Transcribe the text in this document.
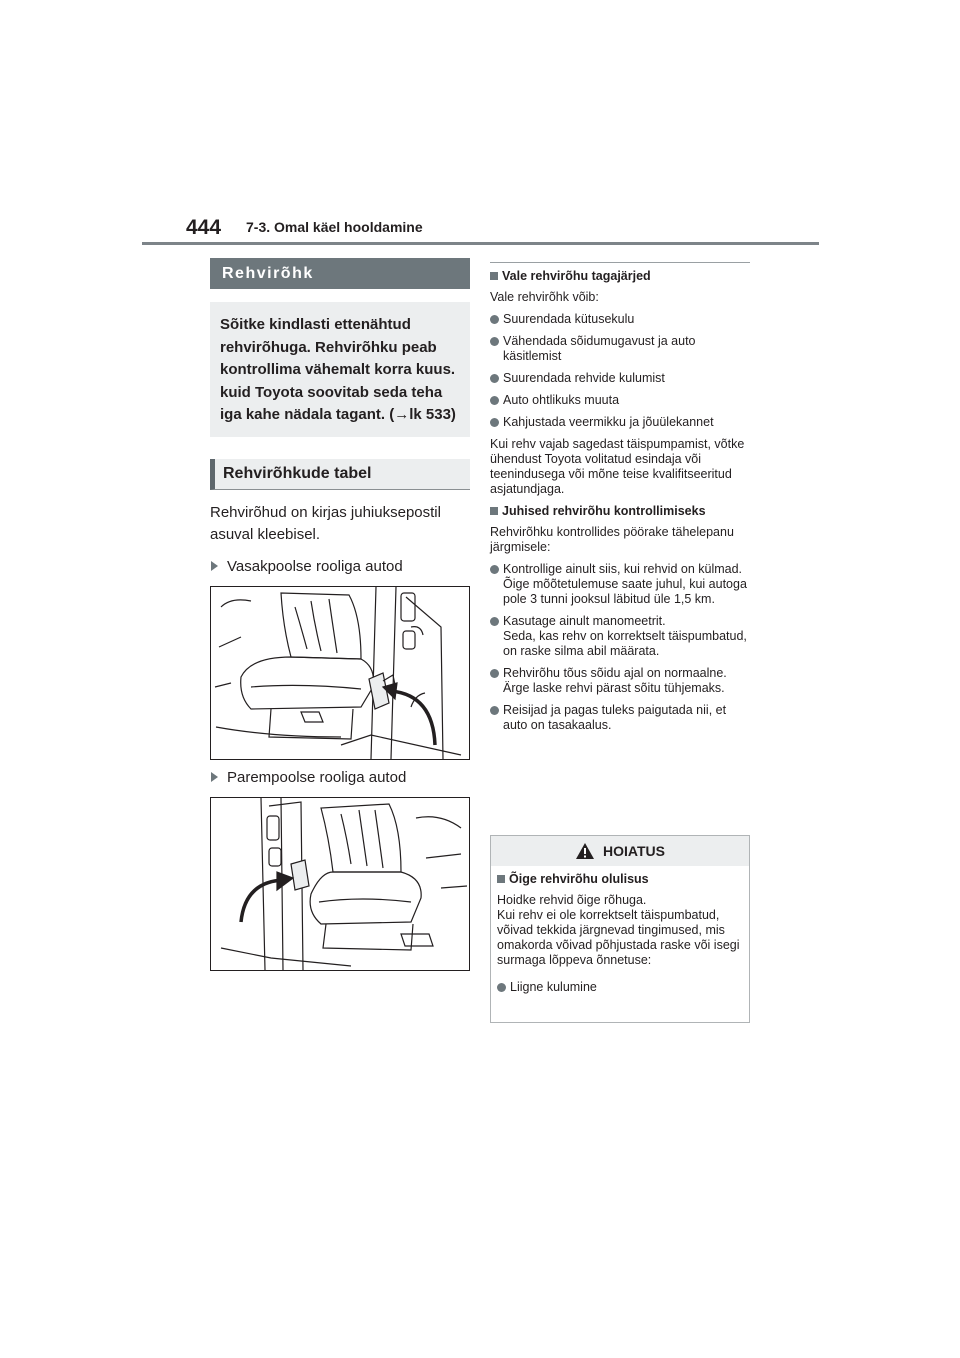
444 7-3. Omal käel hooldamine
Rehvirõhk
Sõitke kindlasti ettenähtud rehvirõhuga. Rehvirõhku peab kontrollima vähemalt korra kuus. kuid Toyota soovitab seda teha iga kahe nädala tagant. (→lk 533)
Rehvirõhkude tabel
Rehvirõhud on kirjas juhiuksepostil asuval kleebisel.
Vasakpoolse rooliga autod
Parempoolse rooliga autod
Vale rehvirõhu tagajärjed
Vale rehvirõhk võib:
Suurendada kütusekulu
Vähendada sõidumugavust ja auto käsitlemist
Suurendada rehvide kulumist
Auto ohtlikuks muuta
Kahjustada veermikku ja jõuülekannet
Kui rehv vajab sagedast täispumpamist, võtke ühendust Toyota volitatud esindaja või teenindusega või mõne teise kvalifitseeritud asjatundjaga.
Juhised rehvirõhu kontrollimiseks
Rehvirõhku kontrollides pöörake tähelepanu järgmisele:
Kontrollige ainult siis, kui rehvid on külmad.
Õige mõõtetulemuse saate juhul, kui autoga pole 3 tunni jooksul läbitud üle 1,5 km.
Kasutage ainult manomeetrit.
Seda, kas rehv on korrektselt täispumbatud, on raske silma abil määrata.
Rehvirõhu tõus sõidu ajal on normaalne. Ärge laske rehvi pärast sõitu tühjemaks.
Reisijad ja pagas tuleks paigutada nii, et auto on tasakaalus.
HOIATUS
Õige rehvirõhu olulisus
Hoidke rehvid õige rõhuga.
Kui rehv ei ole korrektselt täispumbatud, võivad tekkida järgnevad tingimused, mis omakorda võivad põhjustada raske või isegi surmaga lõppeva õnnetuse:
Liigne kulumine
